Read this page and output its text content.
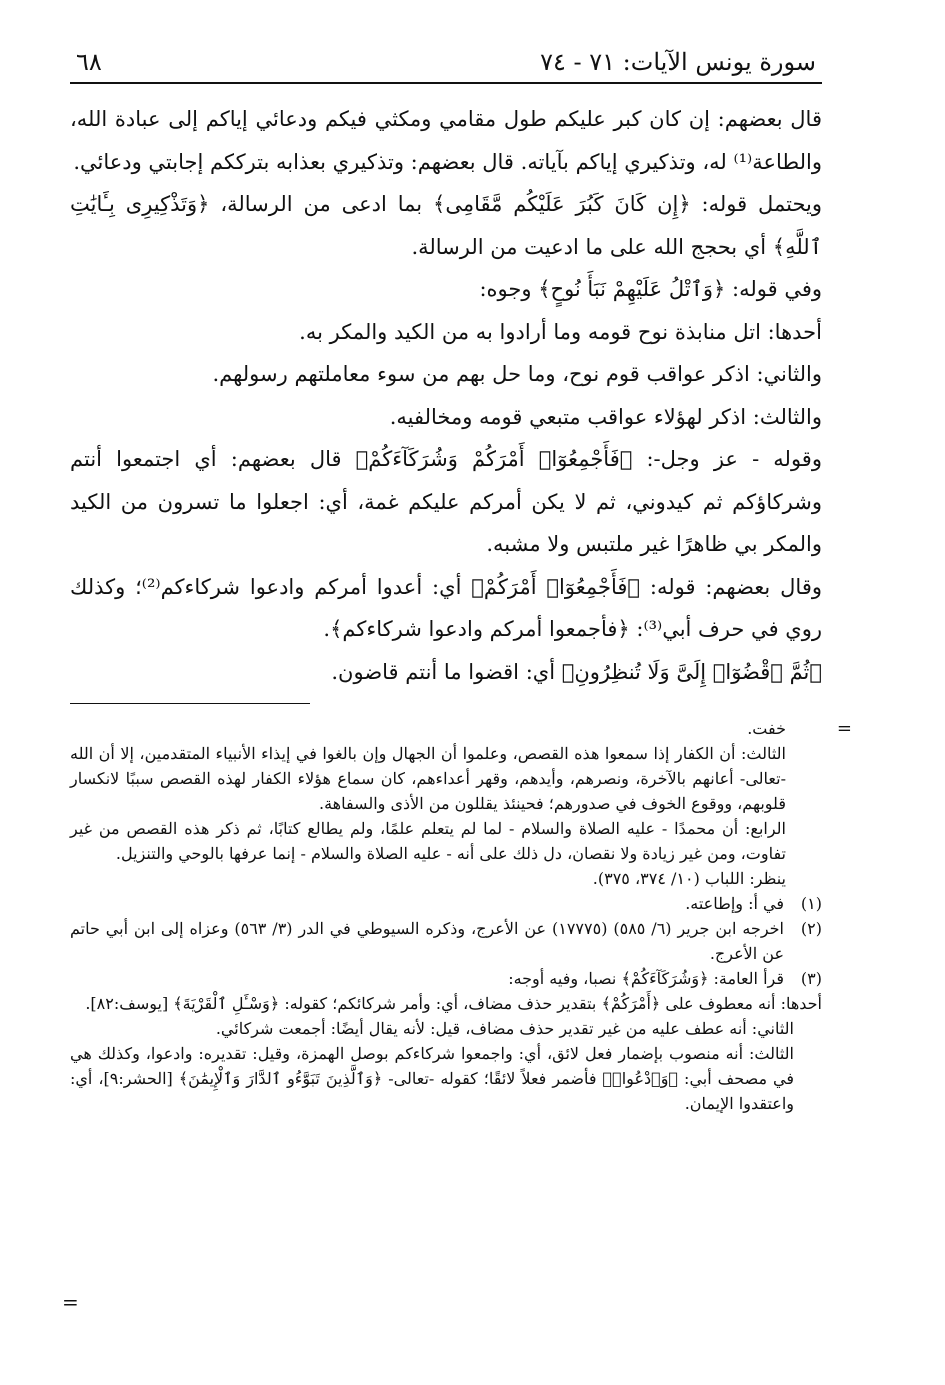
سورة يونس الآيات: ٧١ - ٧٤
٦٨

قال بعضهم: إن كان كبر عليكم طول مقامي ومكثي فيكم ودعائي إياكم إلى عبادة الله، والطاعة⁽¹⁾ له، وتذكيري إياكم بآياته. قال بعضهم: وتذكيري بعذابه بترككم إجابتي ودعائي.

ويحتمل قوله: ﴿إِن كَانَ كَبُرَ عَلَيْكُم مَّقَامِى﴾ بما ادعى من الرسالة، ﴿وَتَذْكِيرِى بِـَٔايَٰتِ ٱللَّهِ﴾ أي بحجج الله على ما ادعيت من الرسالة.

وفي قوله: ﴿وَٱتْلُ عَلَيْهِمْ نَبَأَ نُوحٍ﴾ وجوه:

أحدها: اتل منابذة نوح قومه وما أرادوا به من الكيد والمكر به.

والثاني: اذكر عواقب قوم نوح، وما حل بهم من سوء معاملتهم رسولهم.

والثالث: اذكر لهؤلاء عواقب متبعي قومه ومخالفيه.

وقوله - عز وجل-: ﴿فَأَجْمِعُوٓا۟ أَمْرَكُمْ وَشُرَكَآءَكُمْ﴾ قال بعضهم: أي اجتمعوا أنتم وشركاؤكم ثم كيدوني، ثم لا يكن أمركم عليكم غمة، أي: اجعلوا ما تسرون من الكيد والمكر بي ظاهرًا غير ملتبس ولا مشبه.

وقال بعضهم: قوله: ﴿فَأَجْمِعُوٓا۟ أَمْرَكُمْ﴾ أي: أعدوا أمركم وادعوا شركاءكم⁽²⁾؛ وكذلك روي في حرف أبي⁽³⁾: ﴿فأجمعوا أمركم وادعوا شركاءكم﴾.

﴿ثُمَّ ٱقْضُوٓا۟ إِلَىَّ وَلَا تُنظِرُونِ﴾ أي: اقضوا ما أنتم قاضون.

=

خفت.

الثالث: أن الكفار إذا سمعوا هذه القصص، وعلموا أن الجهال وإن بالغوا في إيذاء الأنبياء المتقدمين، إلا أن الله -تعالى- أعانهم بالآخرة، ونصرهم، وأيدهم، وقهر أعداءهم، كان سماع هؤلاء الكفار لهذه القصص سببًا لانكسار قلوبهم، ووقوع الخوف في صدورهم؛ فحينئذ يقللون من الأذى والسفاهة.

الرابع: أن محمدًا - عليه الصلاة والسلام - لما لم يتعلم علمًا، ولم يطالع كتابًا، ثم ذكر هذه القصص من غير تفاوت، ومن غير زيادة ولا نقصان، دل ذلك على أنه - عليه الصلاة والسلام - إنما عرفها بالوحي والتنزيل.

ينظر: اللباب (١٠/ ٣٧٤، ٣٧٥).

(١)
في أ: وإطاعته.
(٢)
اخرجه ابن جرير (٦/ ٥٨٥) (١٧٧٧٥) عن الأعرج، وذكره السيوطي في الدر (٣/ ٥٦٣) وعزاه إلى ابن أبي حاتم عن الأعرج.
(٣)

قرأ العامة: ﴿وَشُرَكَآءَكُمْ﴾ نصبا، وفيه أوجه:

أحدها: أنه معطوف على ﴿أَمْرَكُمْ﴾ بتقدير حذف مضاف، أي: وأمر شركائكم؛ كقوله: ﴿وَسْـَٔلِ ٱلْقَرْيَةَ﴾ [يوسف:٨٢].

الثاني: أنه عطف عليه من غير تقدير حذف مضاف، قيل: لأنه يقال أيضًا: أجمعت شركائي.

الثالث: أنه منصوب بإضمار فعل لائق، أي: واجمعوا شركاءكم بوصل الهمزة، وقيل: تقديره: وادعوا، وكذلك هي في مصحف أبي: ﴿وَٱدْعُوا۟﴾ فأضمر فعلاً لائقًا؛ كقوله -تعالى- ﴿وَٱلَّذِينَ تَبَوَّءُو ٱلدَّارَ وَٱلْإِيمَٰنَ﴾ [الحشر:٩]، أي: واعتقدوا الإيمان.

=
